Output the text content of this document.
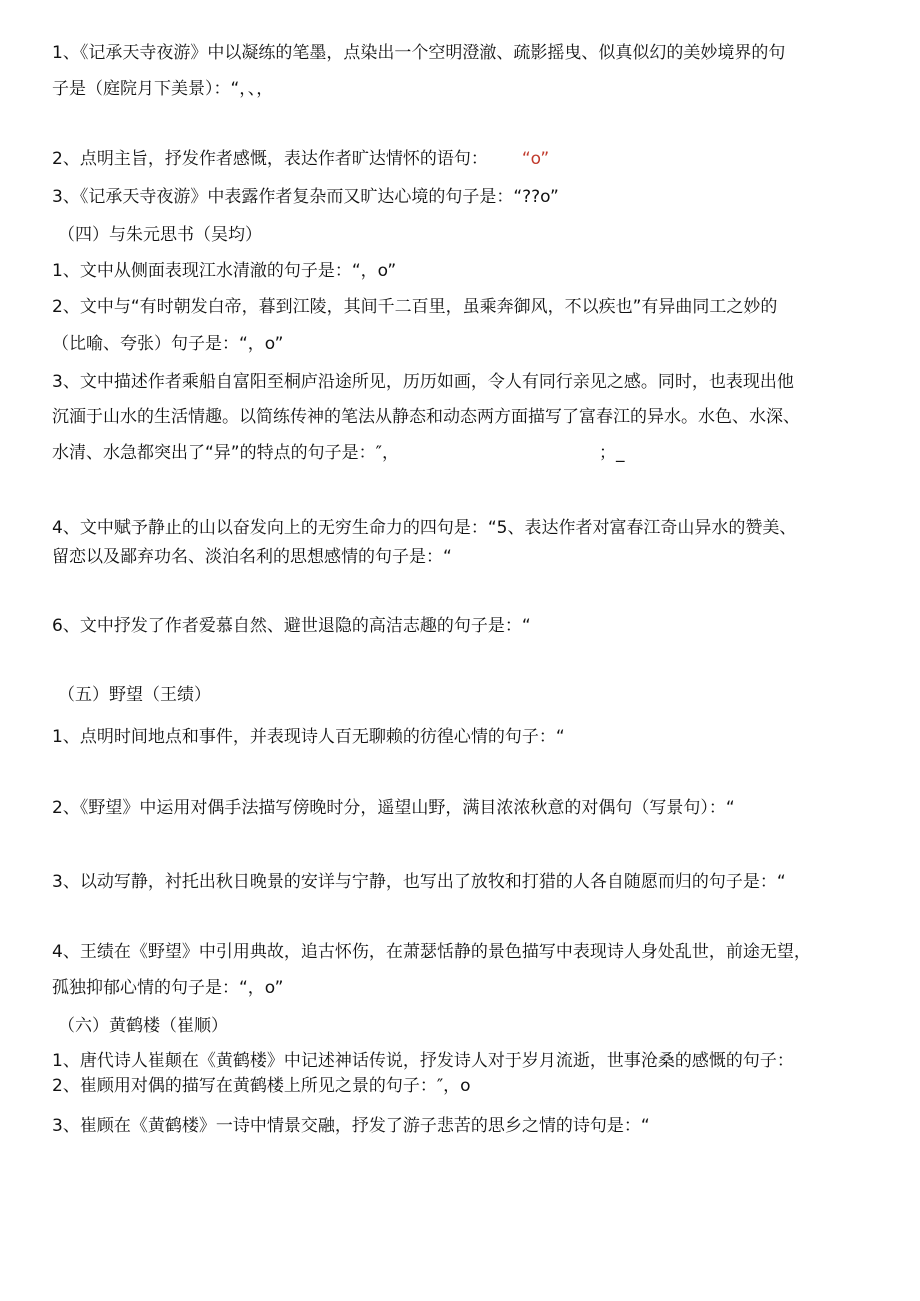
1、《记承天寺夜游》中以凝练的笔墨，点染出一个空明澄澈、疏影摇曳、似真似幻的美妙境界的句
子是（庭院月下美景）：“，、，
2、点明主旨，抒发作者感慨，表达作者旷达情怀的语句： “o”
3、《记承天寺夜游》中表露作者复杂而又旷达心境的句子是：“??o”
（四）与朱元思书（吴均）
1、文中从侧面表现江水清澈的句子是：“，o”
2、文中与“有时朝发白帝，暮到江陵，其间千二百里，虽乘奔御风，不以疾也”有异曲同工之妙的
（比喻、夸张）句子是：“，o”
3、文中描述作者乘船自富阳至桐庐沿途所见，历历如画，令人有同行亲见之感。同时，也表现出他
沉湎于山水的生活情趣。以简练传神的笔法从静态和动态两方面描写了富春江的异水。水色、水深、
水清、水急都突出了“异”的特点的句子是：″，	；_
4、文中赋予静止的山以奋发向上的无穷生命力的四句是：“5、表达作者对富春江奇山异水的赞美、
留恋以及鄙弃功名、淡泊名利的思想感情的句子是：“
6、文中抒发了作者爱慕自然、避世退隐的高洁志趣的句子是：“
（五）野望（王绩）
1、点明时间地点和事件，并表现诗人百无聊赖的彷徨心情的句子：“
2、《野望》中运用对偶手法描写傍晚时分，遥望山野，满目浓浓秋意的对偶句（写景句）：“
3、以动写静，衬托出秋日晚景的安详与宁静，也写出了放牧和打猎的人各自随愿而归的句子是：“
4、王绩在《野望》中引用典故，追古怀伤，在萧瑟恬静的景色描写中表现诗人身处乱世，前途无望，
孤独抑郁心情的句子是：“，o”
（六）黄鹤楼（崔顺）
1、唐代诗人崔颠在《黄鹤楼》中记述神话传说，抒发诗人对于岁月流逝，世事沧桑的感慨的句子：
2、崔顾用对偶的描写在黄鹤楼上所见之景的句子：″，o
3、崔顾在《黄鹤楼》一诗中情景交融，抒发了游子悲苦的思乡之情的诗句是：“
